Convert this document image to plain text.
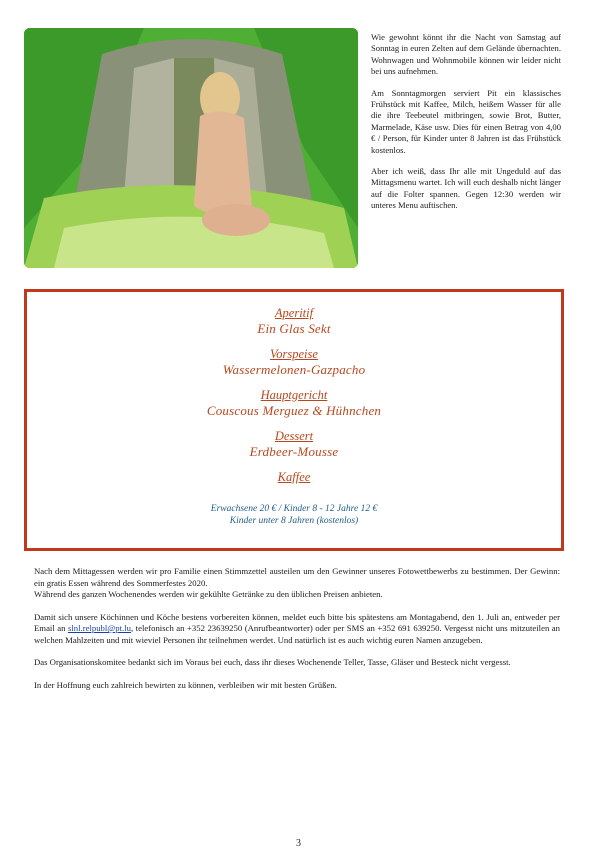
Wie gewohnt könnt ihr die Nacht von Samstag auf Sonntag in euren Zelten auf dem Gelände übernachten. Wohnwagen und Wohnmobile können wir leider nicht bei uns aufnehmen.

Am Sonntagmorgen serviert Pit ein klassisches Frühstück mit Kaffee, Milch, heißem Wasser für alle die ihre Teebeutel mitbringen, sowie Brot, Butter, Marmelade, Käse usw. Dies für einen Betrag von 4,00 € / Person, für Kinder unter 8 Jahren ist das Frühstück kostenlos.

Aber ich weiß, dass Ihr alle mit Ungeduld auf das Mittagsmenu wartet. Ich will euch deshalb nicht länger auf die Folter spannen. Gegen 12:30 werden wir unteres Menu auftischen.

Aperitif
Ein Glas Sekt
Vorspeise
Wassermelonen-Gazpacho
Hauptgericht
Couscous Merguez & Hühnchen
Dessert
Erdbeer-Mousse
Kaffee
Erwachsene 20 € / Kinder 8 - 12 Jahre 12 €
Kinder unter 8 Jahren (kostenlos)

Nach dem Mittagessen werden wir pro Familie einen Stimmzettel austeilen um den Gewinner unseres Fotowettbewerbs zu bestimmen. Der Gewinn: ein gratis Essen während des Sommerfestes 2020.
Während des ganzen Wochenendes werden wir gekühlte Getränke zu den üblichen Preisen anbieten.

Damit sich unsere Köchinnen und Köche bestens vorbereiten können, meldet euch bitte bis spätestens am Montagabend, den 1. Juli an, entweder per Email an slnl.relpubl@pt.lu, telefonisch an +352 23639250 (Anrufbeantworter) oder per SMS an +352 691 639250. Vergesst nicht uns mitzuteilen an welchen Mahlzeiten und mit wieviel Personen ihr teilnehmen werdet. Und natürlich ist es auch wichtig euren Namen anzugeben.

Das Organisationskomitee bedankt sich im Voraus bei euch, dass ihr dieses Wochenende Teller, Tasse, Gläser und Besteck nicht vergesst.

In der Hoffnung euch zahlreich bewirten zu können, verbleiben wir mit besten Grüßen.

3
